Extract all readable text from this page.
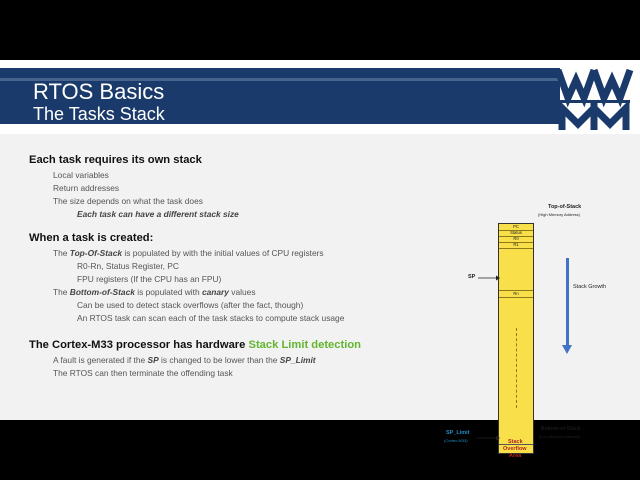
RTOS Basics
The Tasks Stack
Each task requires its own stack
Local variables
Return addresses
The size depends on what the task does
Each task can have a different stack size
When a task is created:
The Top-Of-Stack is populated by with the initial values of CPU registers
R0-Rn, Status Register, PC
FPU registers (If the CPU has an FPU)
The Bottom-of-Stack is populated with canary values
Can be used to detect stack overflows (after the fact, though)
An RTOS task can scan each of the task stacks to compute stack usage
The Cortex-M33 processor has hardware Stack Limit detection
A fault is generated if the SP is changed to be lower than the SP_Limit
The RTOS can then terminate the offending task
PC
Status
R0
R1
Rn
Top-of-Stack
(High Memory Address)
SP
Stack Growth
Bottom-of-Stack
(Low Memory Address)
SP_Limit
(Cortex-M33)	Stack
Overflow
Area
